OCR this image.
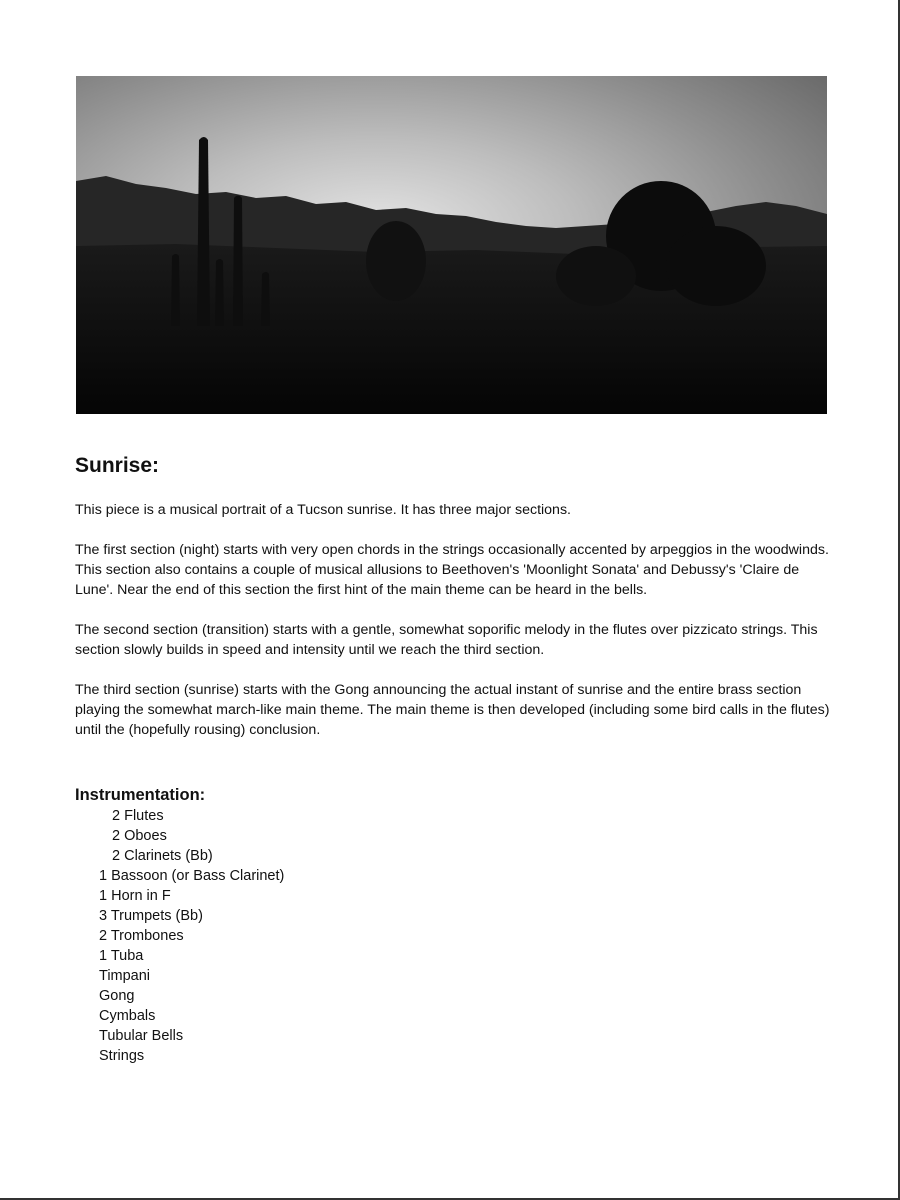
Sunrise:

This piece is a musical portrait of a Tucson sunrise. It has three major sections.

The first section (night) starts with very open chords in the strings occasionally accented by arpeggios in the woodwinds. This section also contains a couple of musical allusions to Beethoven's 'Moonlight Sonata' and Debussy's 'Claire de Lune'. Near the end of this section the first hint of the main theme can be heard in the bells.

The second section (transition) starts with a gentle, somewhat soporific melody in the flutes over pizzicato strings. This section slowly builds in speed and intensity until we reach the third section.

The third section (sunrise) starts with the Gong announcing the actual instant of sunrise and the entire brass section playing the somewhat march-like main theme. The main theme is then developed (including some bird calls in the flutes) until the (hopefully rousing) conclusion.

Instrumentation:
2 Flutes
2 Oboes
2 Clarinets (Bb)
1 Bassoon (or Bass Clarinet)
1 Horn in F
3 Trumpets (Bb)
2 Trombones
1 Tuba
Timpani
Gong
Cymbals
Tubular Bells
Strings
